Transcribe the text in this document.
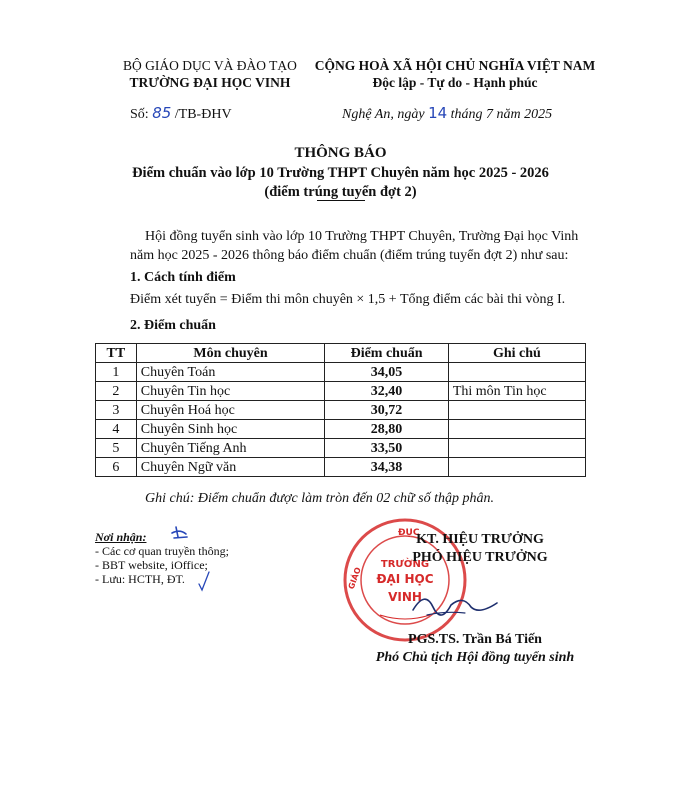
BỘ GIÁO DỤC VÀ ĐÀO TẠO
TRƯỜNG ĐẠI HỌC VINH
CỘNG HOÀ XÃ HỘI CHỦ NGHĨA VIỆT NAM
Độc lập - Tự do - Hạnh phúc
Số: 85 /TB-ĐHV	Nghệ An, ngày 14 tháng 7 năm 2025
THÔNG BÁO
Điểm chuẩn vào lớp 10 Trường THPT Chuyên năm học 2025 - 2026
(điểm trúng tuyển đợt 2)
Hội đồng tuyển sinh vào lớp 10 Trường THPT Chuyên, Trường Đại học Vinh năm học 2025 - 2026 thông báo điểm chuẩn (điểm trúng tuyển đợt 2) như sau:
1. Cách tính điểm
Điểm xét tuyển = Điểm thi môn chuyên × 1,5 + Tổng điểm các bài thi vòng I.
2. Điểm chuẩn
TT	Môn chuyên	Điểm chuẩn	Ghi chú
1	Chuyên Toán	34,05	
2	Chuyên Tin học	32,40	Thi môn Tin học
3	Chuyên Hoá học	30,72	
4	Chuyên Sinh học	28,80	
5	Chuyên Tiếng Anh	33,50	
6	Chuyên Ngữ văn	34,38	
Ghi chú: Điểm chuẩn được làm tròn đến 02 chữ số thập phân.
Nơi nhận:
- Các cơ quan truyền thông;
- BBT website, iOffice;
- Lưu: HCTH, ĐT.
ĐỤC
GIÁO
TRƯỜNG
ĐẠI HỌC
VINH
KT. HIỆU TRƯỞNG
PHÓ HIỆU TRƯỞNG
PGS.TS. Trần Bá Tiến
Phó Chủ tịch Hội đồng tuyển sinh
